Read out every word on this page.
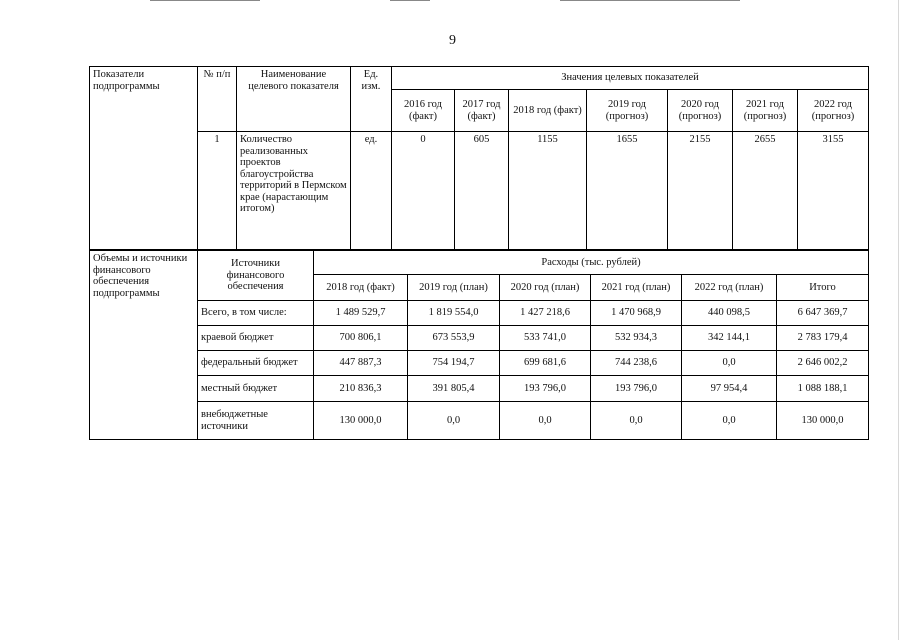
9
Показатели подпрограммы	№ п/п	Наименование целевого показателя	Ед. изм.	Значения целевых показателей						
				2016 год (факт)	2017 год (факт)	2018 год (факт)	2019 год (прогноз)	2020 год (прогноз)	2021 год (прогноз)	2022 год (прогноз)
	1	Количество реализованных проектов благоустройства территорий в Пермском крае (нарастающим итогом)	ед.	0	605	1155	1655	2155	2655	3155
Объемы и источники финансового обеспечения подпрограммы	Источники финансового обеспечения	Расходы (тыс. рублей)					
		2018 год (факт)	2019 год (план)	2020 год (план)	2021 год (план)	2022 год (план)	Итого
	Всего, в том числе:	1 489 529,7	1 819 554,0	1 427 218,6	1 470 968,9	440 098,5	6 647 369,7
	краевой бюджет	700 806,1	673 553,9	533 741,0	532 934,3	342 144,1	2 783 179,4
	федеральный бюджет	447 887,3	754 194,7	699 681,6	744 238,6	0,0	2 646 002,2
	местный бюджет	210 836,3	391 805,4	193 796,0	193 796,0	97 954,4	1 088 188,1
	внебюджетные источники	130 000,0	0,0	0,0	0,0	0,0	130 000,0
